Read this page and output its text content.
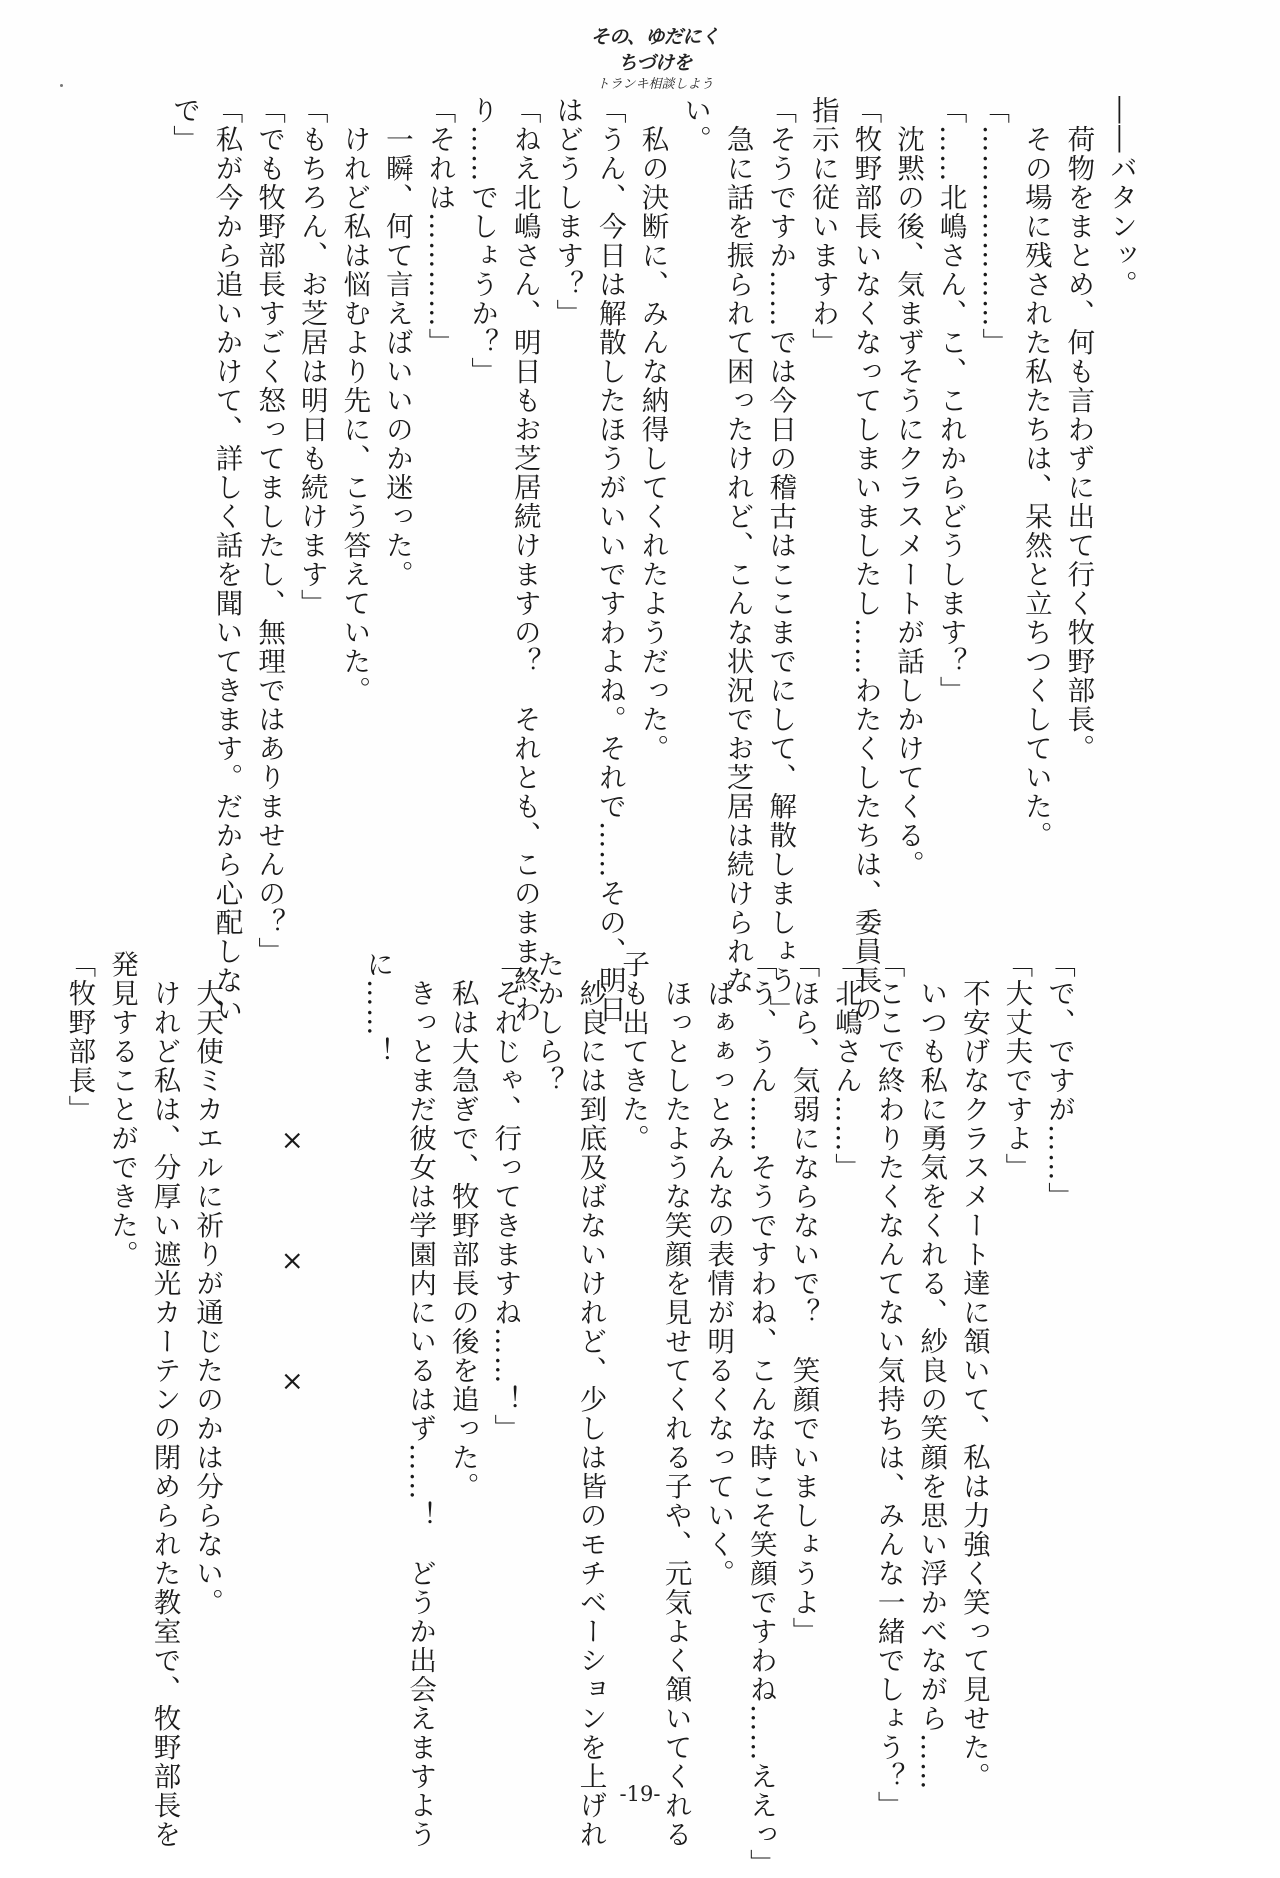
その、ゆだにくちづけを
トランキ相談しよう
――バタンッ。
　荷物をまとめ、何も言わずに出て行く牧野部長。
　その場に残された私たちは、呆然と立ちつくしていた。
「…………………」
「……北嶋さん、こ、これからどうします？」
　沈黙の後、気まずそうにクラスメートが話しかけてくる。
「牧野部長いなくなってしまいましたし……わたくしたちは、委員長の
指示に従いますわ」
「そうですか……では今日の稽古はここまでにして、解散しましょう」
　急に話を振られて困ったけれど、こんな状況でお芝居は続けられな
い。
　私の決断に、みんな納得してくれたようだった。
「うん、今日は解散したほうがいいですわよね。それで……その、明日
はどうします？」
「ねえ北嶋さん、明日もお芝居続けますの？　それとも、このまま終わ
り……でしょうか？」
「それは…………」
　一瞬、何て言えばいいのか迷った。
　けれど私は悩むより先に、こう答えていた。
「もちろん、お芝居は明日も続けます」
「でも牧野部長すごく怒ってましたし、無理ではありませんの？」
「私が今から追いかけて、詳しく話を聞いてきます。だから心配しない
で」
「で、ですが……」
「大丈夫ですよ」
　不安げなクラスメート達に頷いて、私は力強く笑って見せた。
　いつも私に勇気をくれる、紗良の笑顔を思い浮かべながら……
「ここで終わりたくなんてない気持ちは、みんな一緒でしょう？」
「北嶋さん……」
「ほら、気弱にならないで？　笑顔でいましょうよ」
「う、うん……そうですわね、こんな時こそ笑顔ですわね……ええっ」
　ぱぁぁっとみんなの表情が明るくなっていく。
　ほっとしたような笑顔を見せてくれる子や、元気よく頷いてくれる
子も出てきた。
　紗良には到底及ばないけれど、少しは皆のモチベーションを上げれ
たかしら？
「それじゃ、行ってきますね……！」
　私は大急ぎで、牧野部長の後を追った。
　きっとまだ彼女は学園内にいるはず……！　どうか出会えますよう
に……！

　　　　　　×　　　×　　　×

　大天使ミカエルに祈りが通じたのかは分らない。
　けれど私は、分厚い遮光カーテンの閉められた教室で、牧野部長を
発見することができた。
「牧野部長」
-19-
